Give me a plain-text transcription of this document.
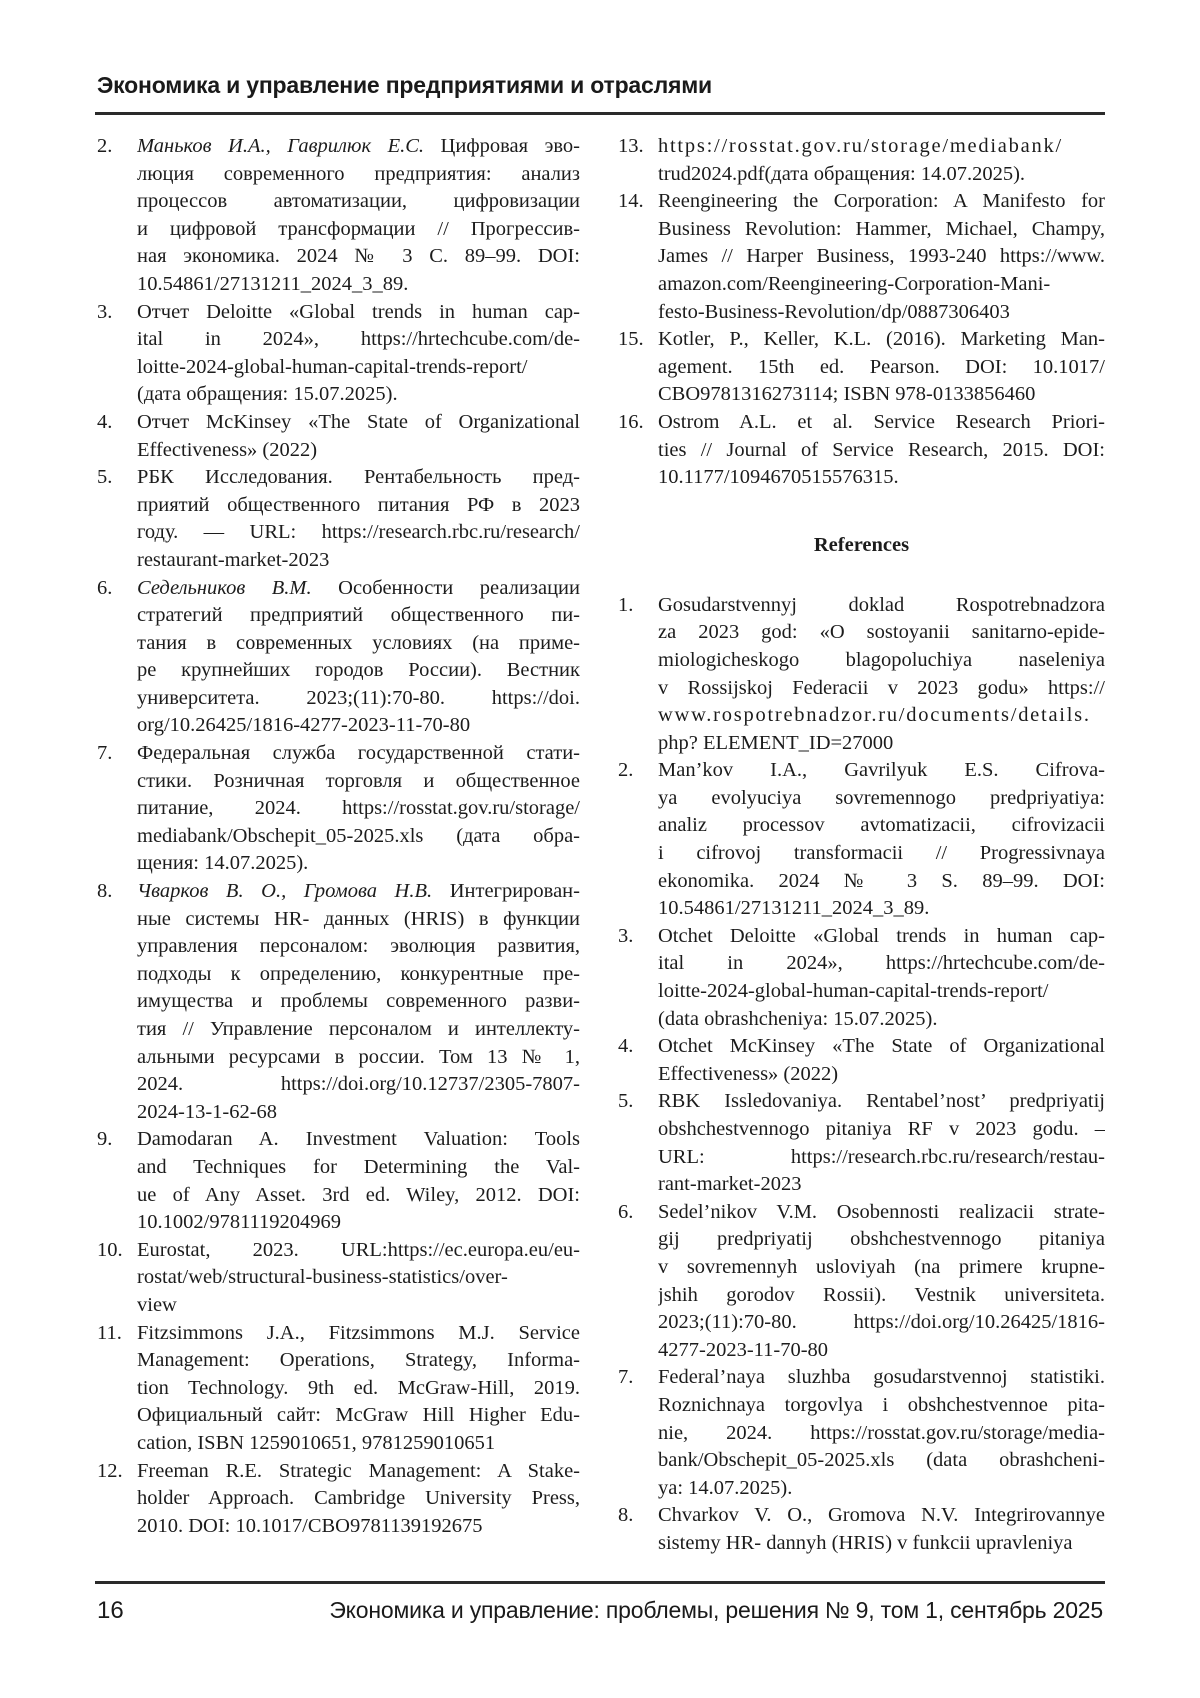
Экономика и управление предприятиями и отраслями
2.	Маньков И.А., Гаврилюк Е.С. Цифровая эво-
люция современного предприятия: анализ
процессов автоматизации, цифровизации
и цифровой трансформации // Прогрессив-
ная экономика. 2024 № 3 С. 89–99. DOI:
10.54861/27131211_2024_3_89.
3.	Отчет Deloitte «Global trends in human cap-
ital in 2024», https://hrtechcube.com/de-
loitte-2024-global-human-capital-trends-report/
(дата обращения: 15.07.2025).
4.	Отчет McKinsey «The State of Organizational
Effectiveness» (2022)
5.	РБК Исследования. Рентабельность пред-
приятий общественного питания РФ в 2023
году. — URL: https://research.rbc.ru/research/
restaurant-market-2023
6.	Седельников В.М. Особенности реализации
стратегий предприятий общественного пи-
тания в современных условиях (на приме-
ре крупнейших городов России). Вестник
университета. 2023;(11):70-80. https://doi.
org/10.26425/1816-4277-2023-11-70-80
7.	Федеральная служба государственной стати-
стики. Розничная торговля и общественное
питание, 2024. https://rosstat.gov.ru/storage/
mediabank/Obschepit_05-2025.xls (дата обра-
щения: 14.07.2025).
8.	Чварков В. О., Громова Н.В. Интегрирован-
ные системы HR- данных (HRIS) в функции
управления персоналом: эволюция развития,
подходы к определению, конкурентные пре-
имущества и проблемы современного разви-
тия // Управление персоналом и интеллекту-
альными ресурсами в россии. Том 13 № 1,
2024. https://doi.org/10.12737/2305-7807-
2024-13-1-62-68
9.	Damodaran A. Investment Valuation: Tools
and Techniques for Determining the Val-
ue of Any Asset. 3rd ed. Wiley, 2012. DOI:
10.1002/9781119204969
10. Eurostat, 2023. URL:https://ec.europa.eu/eu-
rostat/web/structural-business-statistics/over-
view
11. Fitzsimmons J.A., Fitzsimmons M.J. Service
Management: Operations, Strategy, Informa-
tion Technology. 9th ed. McGraw-Hill, 2019.
Официальный сайт: McGraw Hill Higher Edu-
cation, ISBN 1259010651, 9781259010651
12. Freeman R.E. Strategic Management: A Stake-
holder Approach. Cambridge University Press,
2010. DOI: 10.1017/CBO9781139192675
13. https://rosstat.gov.ru/storage/mediabank/
trud2024.pdf(дата обращения: 14.07.2025).
14. Reengineering the Corporation: A Manifesto for
Business Revolution: Hammer, Michael, Champy,
James // Harper Business, 1993-240 https://www.
amazon.com/Reengineering-Corporation-Mani-
festo-Business-Revolution/dp/0887306403
15. Kotler, P., Keller, K.L. (2016). Marketing Man-
agement. 15th ed. Pearson. DOI: 10.1017/
CBO9781316273114; ISBN 978-0133856460
16. Ostrom A.L. et al. Service Research Priori-
ties // Journal of Service Research, 2015. DOI:
10.1177/1094670515576315.
References
1.	Gosudarstvennyj doklad Rospotrebnadzora
za 2023 god: «O sostoyanii sanitarno-epide-
miologicheskogo blagopoluchiya naseleniya
v Rossijskoj Federacii v 2023 godu» https://
www.rospotrebnadzor.ru/documents/details.
php? ELEMENT_ID=27000
2.	Man’kov I.A., Gavrilyuk E.S. Cifrova-
ya evolyuciya sovremennogo predpriyatiya:
analiz processov avtomatizacii, cifrovizacii
i cifrovoj transformacii // Progressivnaya
ekonomika. 2024 № 3 S. 89–99. DOI:
10.54861/27131211_2024_3_89.
3.	Otchet Deloitte «Global trends in human cap-
ital in 2024», https://hrtechcube.com/de-
loitte-2024-global-human-capital-trends-report/
(data obrashcheniya: 15.07.2025).
4.	Otchet McKinsey «The State of Organizational
Effectiveness» (2022)
5.	RBK Issledovaniya. Rentabel’nost’ predpriyatij
obshchestvennogo pitaniya RF v 2023 godu. –
URL: https://research.rbc.ru/research/restau-
rant-market-2023
6.	Sedel’nikov V.M. Osobennosti realizacii strate-
gij predpriyatij obshchestvennogo pitaniya
v sovremennyh usloviyah (na primere krupne-
jshih gorodov Rossii). Vestnik universiteta.
2023;(11):70-80. https://doi.org/10.26425/1816-
4277-2023-11-70-80
7.	Federal’naya sluzhba gosudarstvennoj statistiki.
Roznichnaya torgovlya i obshchestvennoe pita-
nie, 2024. https://rosstat.gov.ru/storage/media-
bank/Obschepit_05-2025.xls (data obrashcheni-
ya: 14.07.2025).
8.	Chvarkov V. O., Gromova N.V. Integrirovannye
sistemy HR- dannyh (HRIS) v funkcii upravleniya
16	Экономика и управление: проблемы, решения № 9, том 1, сентябрь 2025
